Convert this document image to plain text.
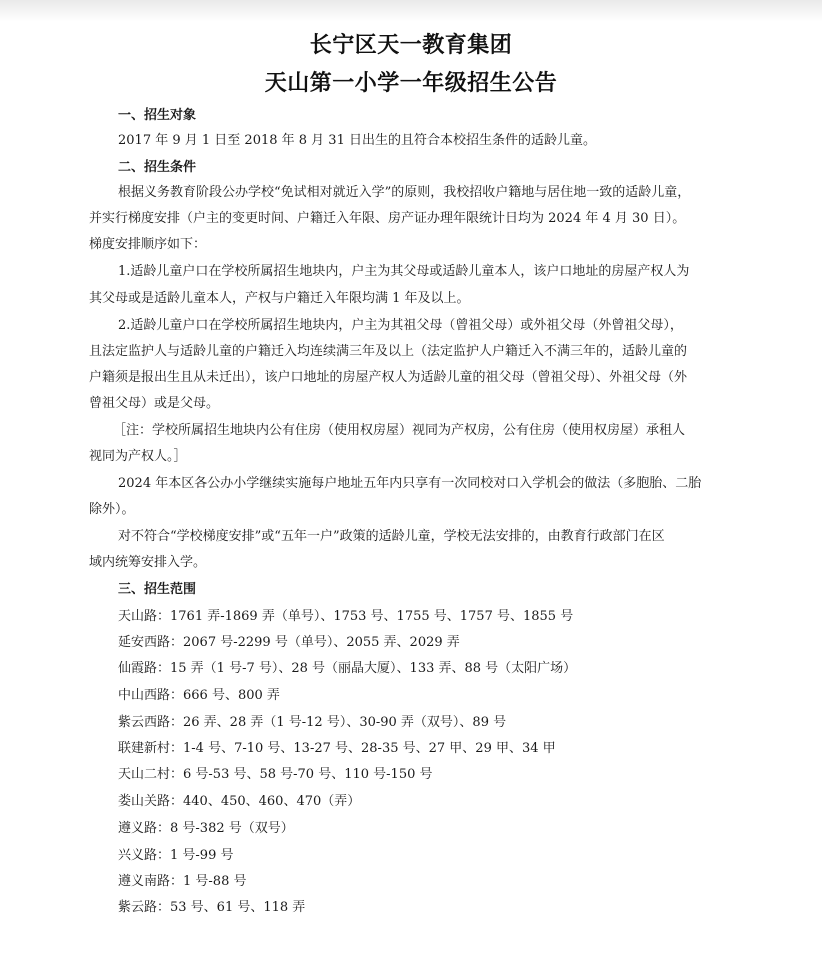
长宁区天一教育集团
天山第一小学一年级招生公告
一、招生对象
2017 年 9 月 1 日至 2018 年 8 月 31 日出生的且符合本校招生条件的适龄儿童。
二、招生条件
根据义务教育阶段公办学校“免试相对就近入学”的原则，我校招收户籍地与居住地一致的适龄儿童，
并实行梯度安排（户主的变更时间、户籍迁入年限、房产证办理年限统计日均为 2024 年 4 月 30 日）。
梯度安排顺序如下：
1.适龄儿童户口在学校所属招生地块内，户主为其父母或适龄儿童本人，该户口地址的房屋产权人为
其父母或是适龄儿童本人，产权与户籍迁入年限均满 1 年及以上。
2.适龄儿童户口在学校所属招生地块内，户主为其祖父母（曾祖父母）或外祖父母（外曾祖父母），
且法定监护人与适龄儿童的户籍迁入均连续满三年及以上（法定监护人户籍迁入不满三年的，适龄儿童的
户籍须是报出生且从未迁出），该户口地址的房屋产权人为适龄儿童的祖父母（曾祖父母）、外祖父母（外
曾祖父母）或是父母。
［注：学校所属招生地块内公有住房（使用权房屋）视同为产权房，公有住房（使用权房屋）承租人
视同为产权人。］
2024 年本区各公办小学继续实施每户地址五年内只享有一次同校对口入学机会的做法（多胞胎、二胎
除外）。
对不符合“学校梯度安排”或“五年一户”政策的适龄儿童，学校无法安排的，由教育行政部门在区
域内统筹安排入学。
三、招生范围
天山路：1761 弄-1869 弄（单号）、1753 号、1755 号、1757 号、1855 号
延安西路：2067 号-2299 号（单号）、2055 弄、2029 弄
仙霞路：15 弄（1 号-7 号）、28 号（丽晶大厦）、133 弄、88 号（太阳广场）
中山西路：666 号、800 弄
紫云西路：26 弄、28 弄（1 号-12 号）、30-90 弄（双号）、89 号
联建新村：1-4 号、7-10 号、13-27 号、28-35 号、27 甲、29 甲、34 甲
天山二村：6 号-53 号、58 号-70 号、110 号-150 号
娄山关路：440、450、460、470（弄）
遵义路：8 号-382 号（双号）
兴义路：1 号-99 号
遵义南路：1 号-88 号
紫云路：53 号、61 号、118 弄
